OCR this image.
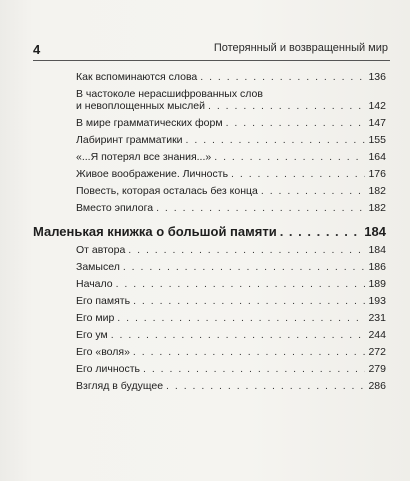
4	Потерянный и возвращенный мир
Как вспоминаются слова . . .	136
В частоколе нерасшифрованных слов
и невоплощенных мыслей . . .	142
В мире грамматических форм . . .	147
Лабиринт грамматики . . .	155
«...Я потерял все знания...» . . .	164
Живое воображение. Личность . . .	176
Повесть, которая осталась без конца . . .	182
Вместо эпилога . . .	182
Маленькая книжка о большой памяти . . .	184
От автора . . .	184
Замысел . . .	186
Начало . . .	189
Его память . . .	193
Его мир . . .	231
Его ум . . .	244
Его «воля» . . .	272
Его личность . . .	279
Взгляд в будущее . . .	286
